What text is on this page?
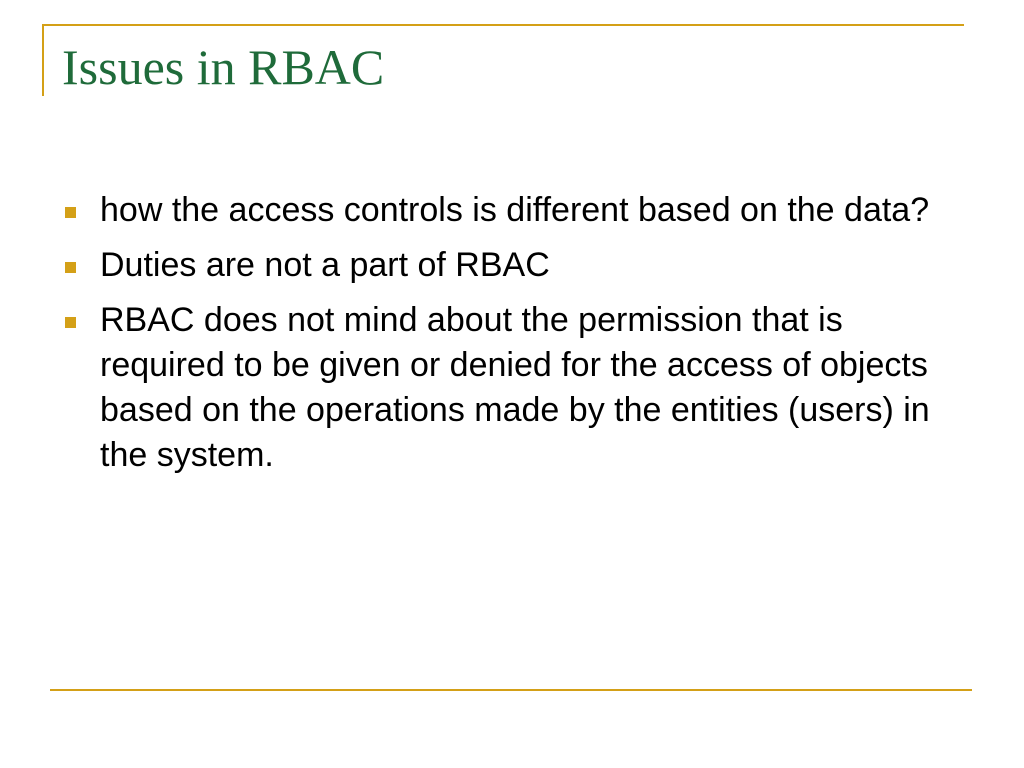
Issues in RBAC
how the access controls is different based on the data?
Duties are not a part of RBAC
RBAC does not mind about the permission that is required to be given or denied for the access of objects based on the operations made by the entities (users) in the system.
